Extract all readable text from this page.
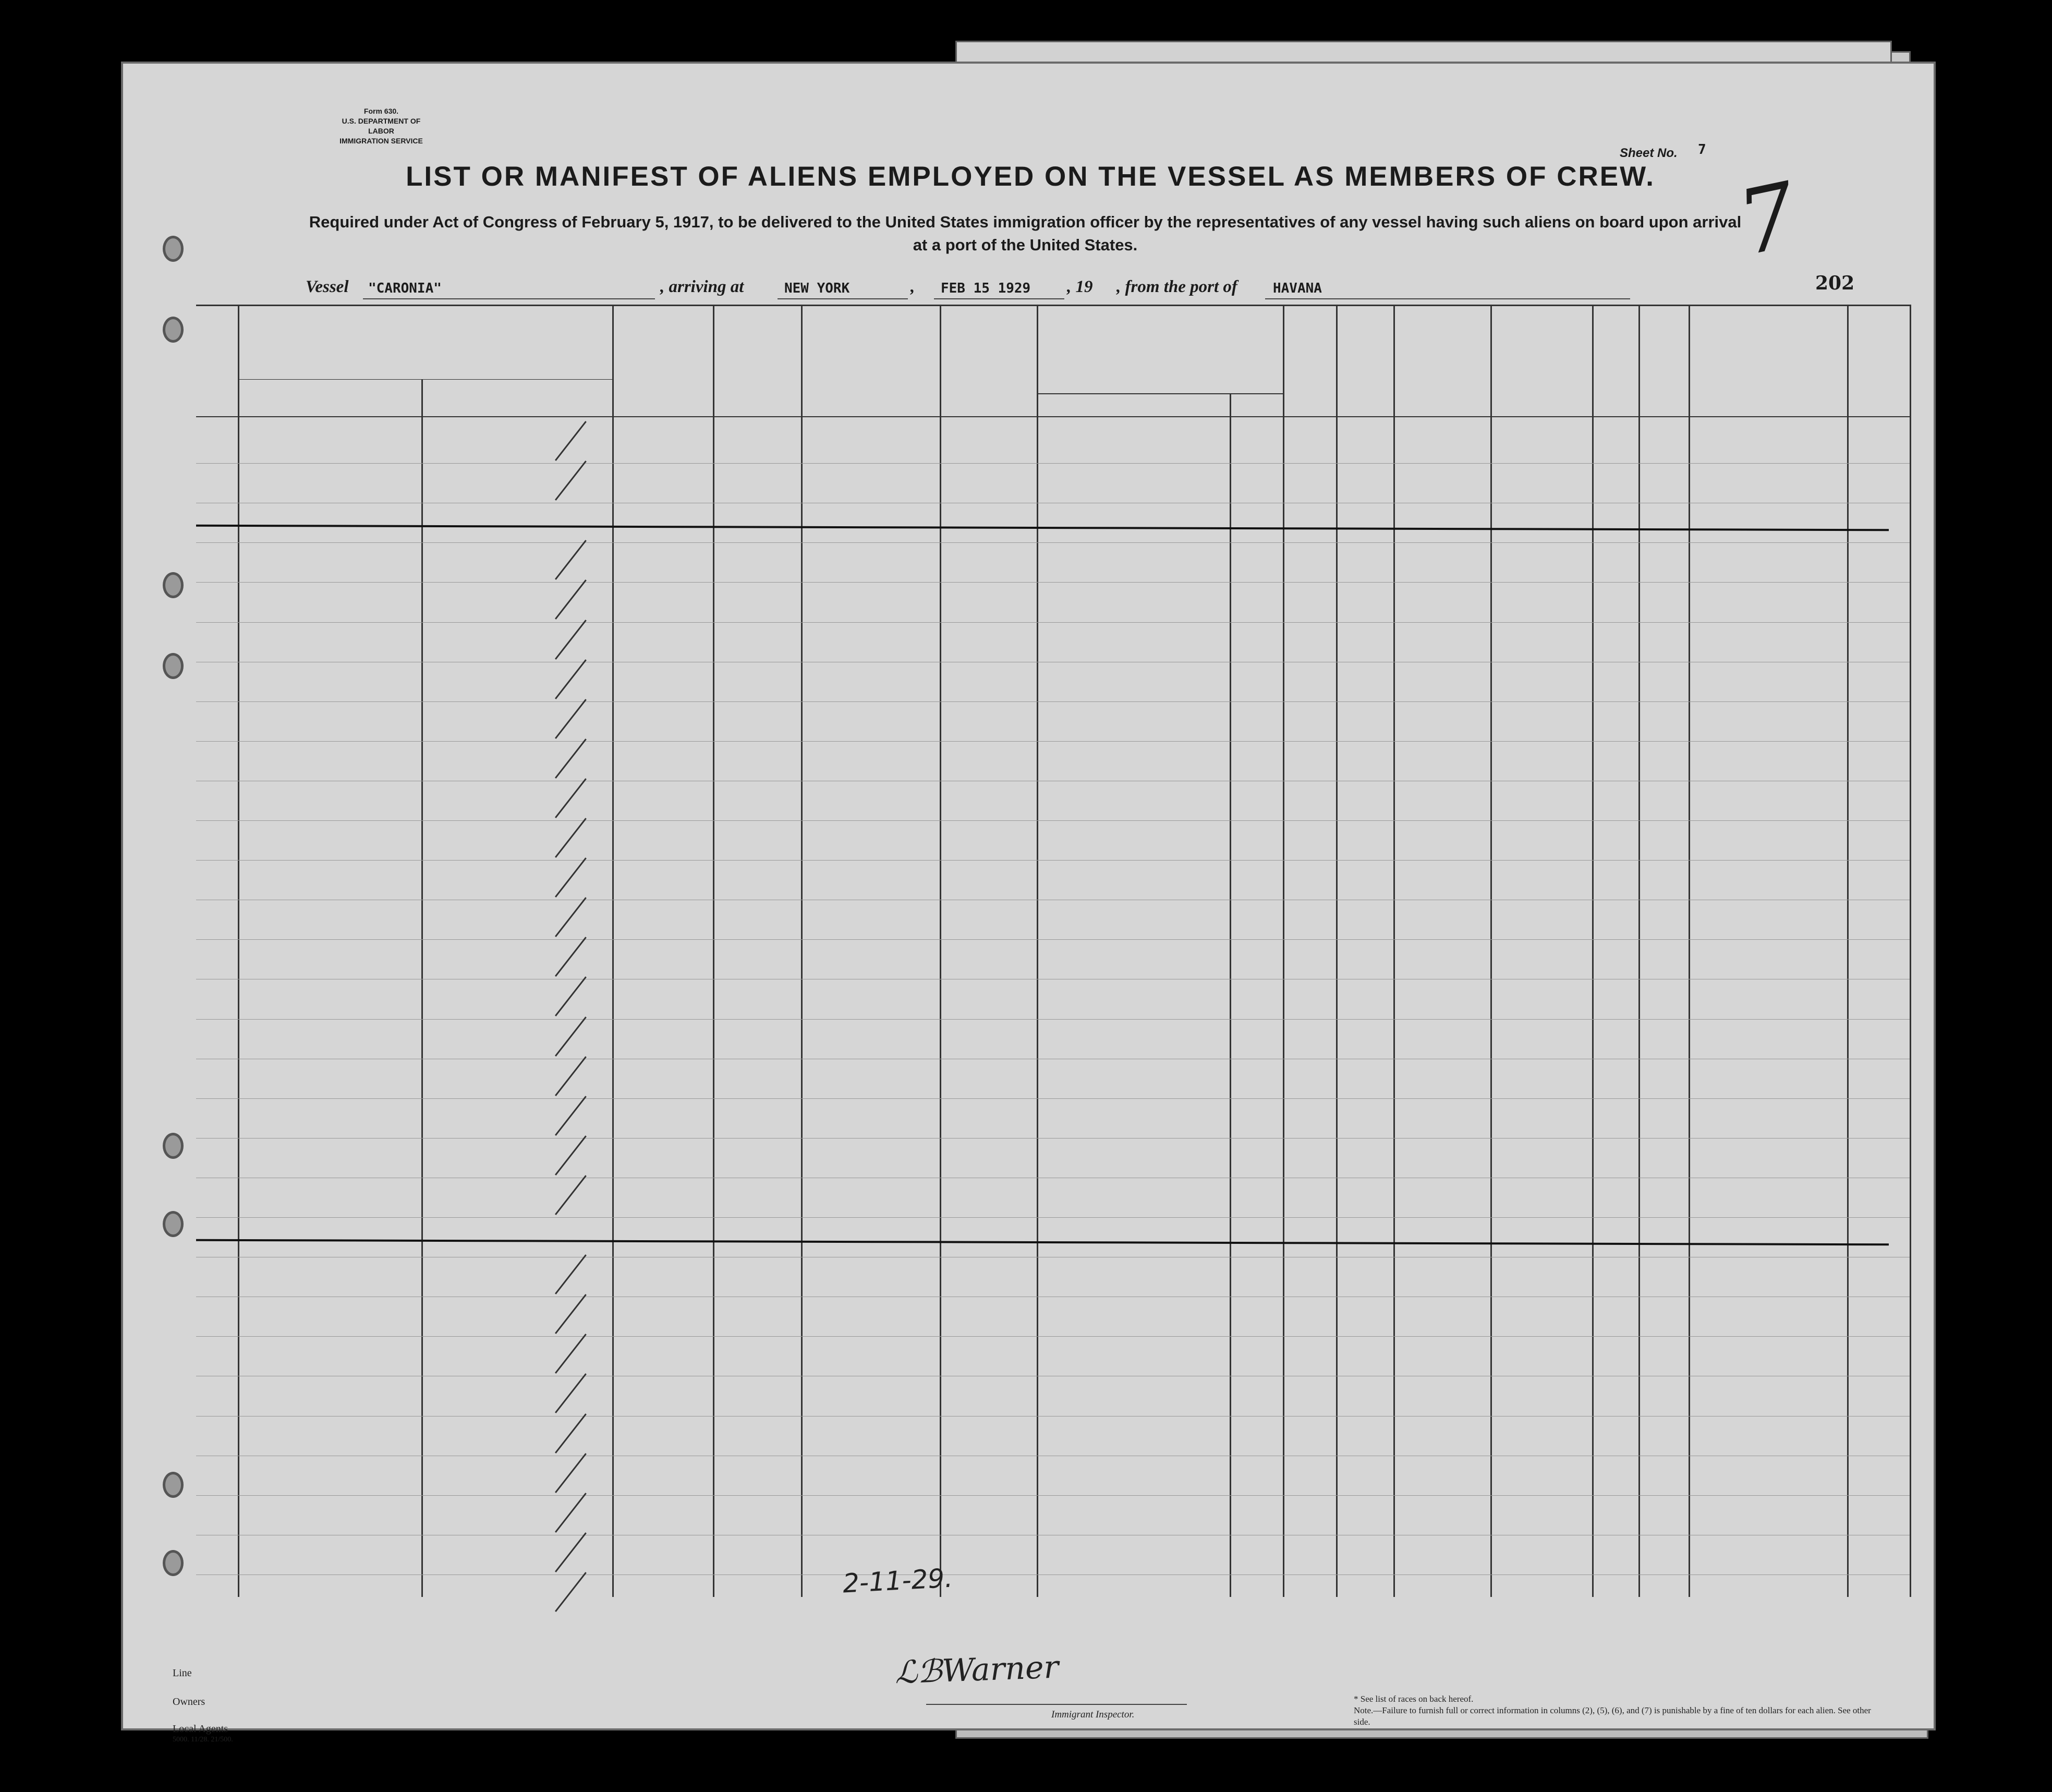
Form 630.
U.S. DEPARTMENT OF LABOR
IMMIGRATION SERVICE
Sheet No. 7
LIST OR MANIFEST OF ALIENS EMPLOYED ON THE VESSEL AS MEMBERS OF CREW.
Required under Act of Congress of February 5, 1917, to be delivered to the United States immigration officer by the representatives of any vessel having such aliens on board upon arrival at a port of the United States.	7
202
Vessel "CARONIA"	, arriving at	NEW YORK	, FEB 15 1929 , 19 , from the port of	HAVANA
2-11-29.
ℒℬWarner
Immigrant Inspector.
Line
Owners
Local Agents
5000. 11/28. 21/500.
* See list of races on back hereof.
Note.—Failure to furnish full or correct information in columns (2), (5), (6), and (7) is punishable by a fine of ten dollars for each alien. See other side.
